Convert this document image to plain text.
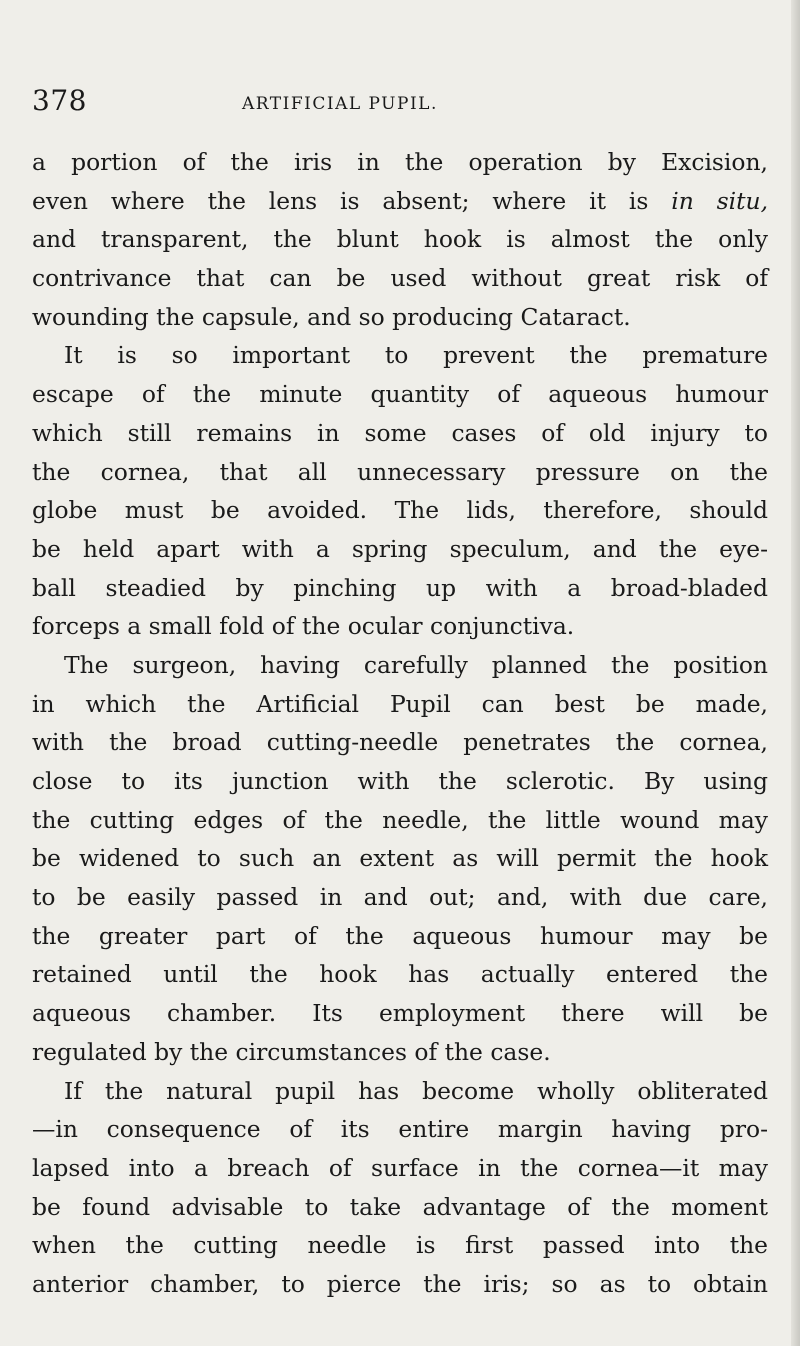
378	ARTIFICIAL PUPIL.
a portion of the iris in the operation by Excision,
even where the lens is absent; where it is in situ,
and transparent, the blunt hook is almost the only
contrivance that can be used without great risk of
wounding the capsule, and so producing Cataract.
It is so important to prevent the premature
escape of the minute quantity of aqueous humour
which still remains in some cases of old injury to
the cornea, that all unnecessary pressure on the
globe must be avoided. The lids, therefore, should
be held apart with a spring speculum, and the eye-
ball steadied by pinching up with a broad-bladed
forceps a small fold of the ocular conjunctiva.
The surgeon, having carefully planned the position
in which the Artificial Pupil can best be made,
with the broad cutting-needle penetrates the cornea,
close to its junction with the sclerotic. By using
the cutting edges of the needle, the little wound may
be widened to such an extent as will permit the hook
to be easily passed in and out; and, with due care,
the greater part of the aqueous humour may be
retained until the hook has actually entered the
aqueous chamber. Its employment there will be
regulated by the circumstances of the case.
If the natural pupil has become wholly obliterated
—in consequence of its entire margin having pro-
lapsed into a breach of surface in the cornea—it may
be found advisable to take advantage of the moment
when the cutting needle is first passed into the
anterior chamber, to pierce the iris; so as to obtain
